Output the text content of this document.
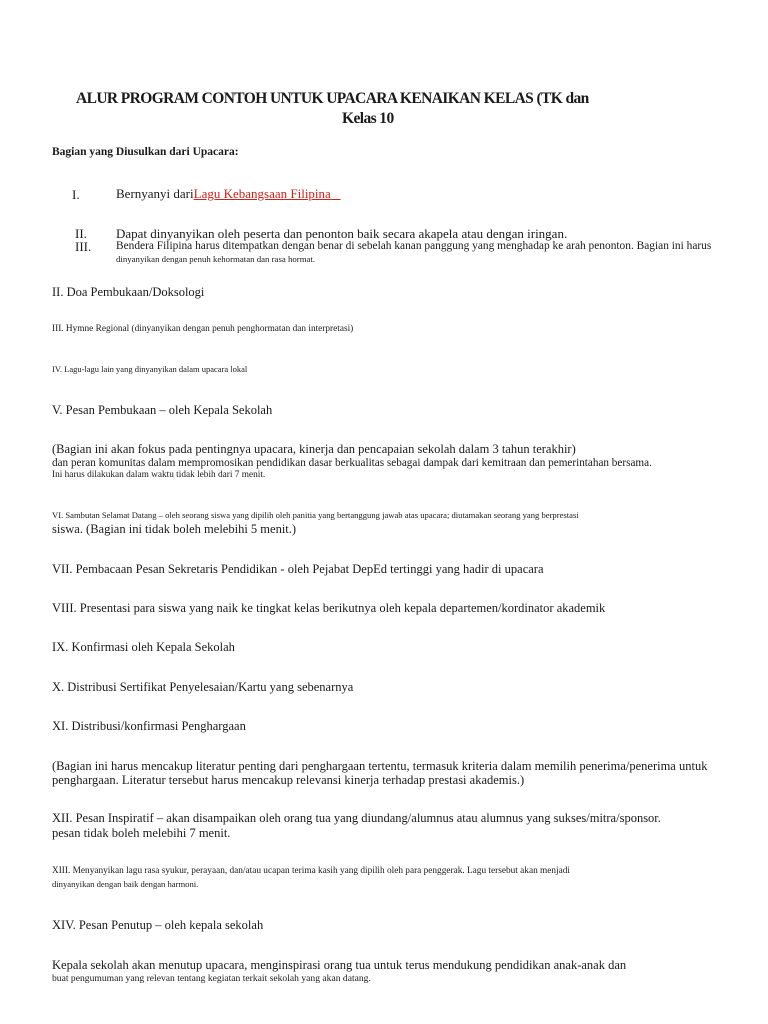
ALUR PROGRAM CONTOH UNTUK UPACARA KENAIKAN KELAS (TK dan
Kelas 10
Bagian yang Diusulkan dari Upacara:
I.	Bernyanyi dariLagu Kebangsaan Filipina
II. Dapat dinyanyikan oleh peserta dan penonton baik secara akapela atau dengan iringan.
III. Bendera Filipina harus ditempatkan dengan benar di sebelah kanan panggung yang menghadap ke arah penonton. Bagian ini harus
dinyanyikan dengan penuh kehormatan dan rasa hormat.
II. Doa Pembukaan/Doksologi
III. Hymne Regional (dinyanyikan dengan penuh penghormatan dan interpretasi)
IV. Lagu-lagu lain yang dinyanyikan dalam upacara lokal
V. Pesan Pembukaan – oleh Kepala Sekolah
(Bagian ini akan fokus pada pentingnya upacara, kinerja dan pencapaian sekolah dalam 3 tahun terakhir)
dan peran komunitas dalam mempromosikan pendidikan dasar berkualitas sebagai dampak dari kemitraan dan pemerintahan bersama.
Ini harus dilakukan dalam waktu tidak lebih dari 7 menit.
VI. Sambutan Selamat Datang – oleh seorang siswa yang dipilih oleh panitia yang bertanggung jawab atas upacara; diutamakan seorang yang berprestasi
siswa. (Bagian ini tidak boleh melebihi 5 menit.)
VII. Pembacaan Pesan Sekretaris Pendidikan - oleh Pejabat DepEd tertinggi yang hadir di upacara
VIII. Presentasi para siswa yang naik ke tingkat kelas berikutnya oleh kepala departemen/kordinator akademik
IX. Konfirmasi oleh Kepala Sekolah
X. Distribusi Sertifikat Penyelesaian/Kartu yang sebenarnya
XI. Distribusi/konfirmasi Penghargaan
(Bagian ini harus mencakup literatur penting dari penghargaan tertentu, termasuk kriteria dalam memilih penerima/penerima untuk
penghargaan. Literatur tersebut harus mencakup relevansi kinerja terhadap prestasi akademis.)
XII. Pesan Inspiratif – akan disampaikan oleh orang tua yang diundang/alumnus atau alumnus yang sukses/mitra/sponsor.
pesan tidak boleh melebihi 7 menit.
XIII. Menyanyikan lagu rasa syukur, perayaan, dan/atau ucapan terima kasih yang dipilih oleh para penggerak. Lagu tersebut akan menjadi
dinyanyikan dengan baik dengan harmoni.
XIV. Pesan Penutup – oleh kepala sekolah
Kepala sekolah akan menutup upacara, menginspirasi orang tua untuk terus mendukung pendidikan anak-anak dan
buat pengumuman yang relevan tentang kegiatan terkait sekolah yang akan datang.
